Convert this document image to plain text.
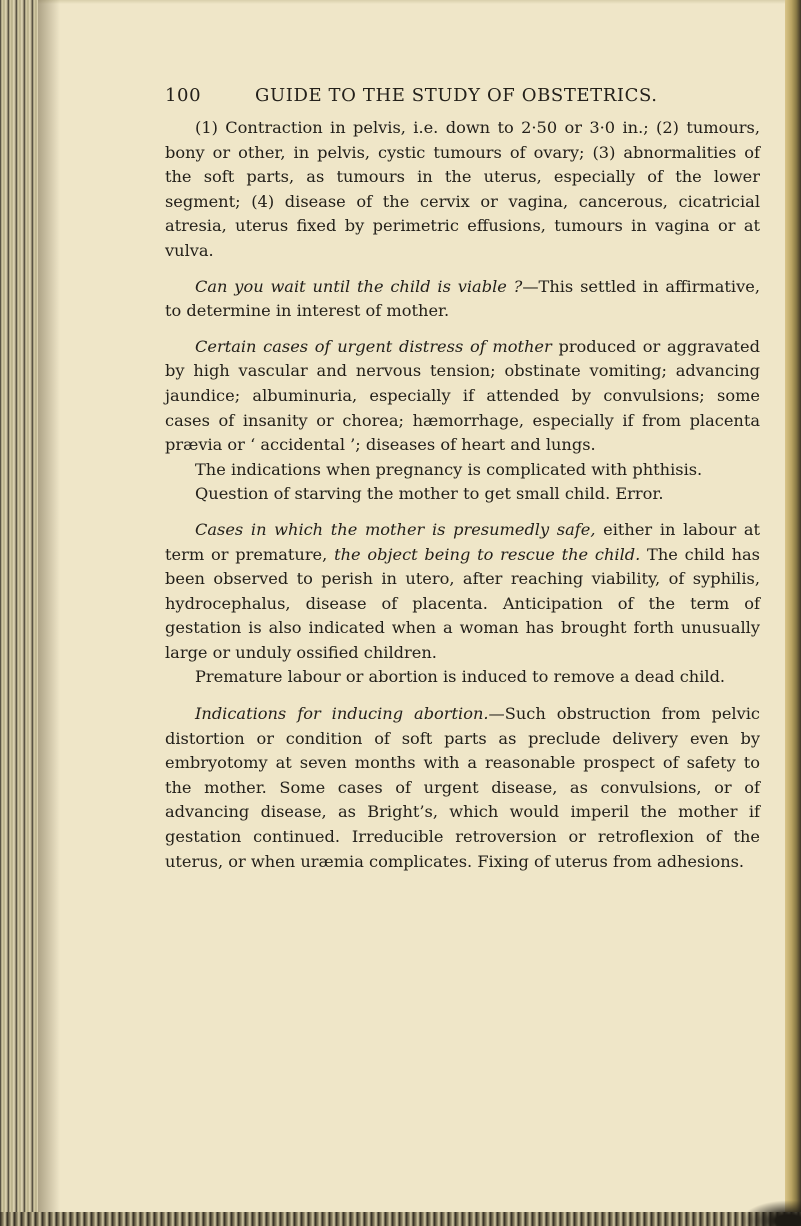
100	GUIDE TO THE STUDY OF OBSTETRICS.

(1) Contraction in pelvis, i.e. down to 2·50 or 3·0 in.; (2) tumours, bony or other, in pelvis, cystic tumours of ovary; (3) abnormalities of the soft parts, as tumours in the uterus, especially of the lower segment; (4) disease of the cervix or vagina, cancerous, cicatricial atresia, uterus fixed by perimetric effusions, tumours in vagina or at vulva.

Can you wait until the child is viable ?—This settled in affirmative, to determine in interest of mother.

Certain cases of urgent distress of mother produced or aggravated by high vascular and nervous tension; obstinate vomiting; advancing jaundice; albuminuria, especially if attended by convulsions; some cases of insanity or chorea; hæmorrhage, especially if from placenta prævia or ‘ accidental ’; diseases of heart and lungs.

The indications when pregnancy is complicated with phthisis.

Question of starving the mother to get small child. Error.

Cases in which the mother is presumedly safe, either in labour at term or premature, the object being to rescue the child. The child has been observed to perish in utero, after reaching viability, of syphilis, hydrocephalus, disease of placenta. Anticipation of the term of gestation is also indicated when a woman has brought forth unusually large or unduly ossified children.

Premature labour or abortion is induced to remove a dead child.

Indications for inducing abortion.—Such obstruction from pelvic distortion or condition of soft parts as preclude delivery even by embryotomy at seven months with a reasonable prospect of safety to the mother. Some cases of urgent disease, as convulsions, or of advancing disease, as Bright’s, which would imperil the mother if gestation continued. Irreducible retroversion or retroflexion of the uterus, or when uræmia complicates. Fixing of uterus from adhesions.
